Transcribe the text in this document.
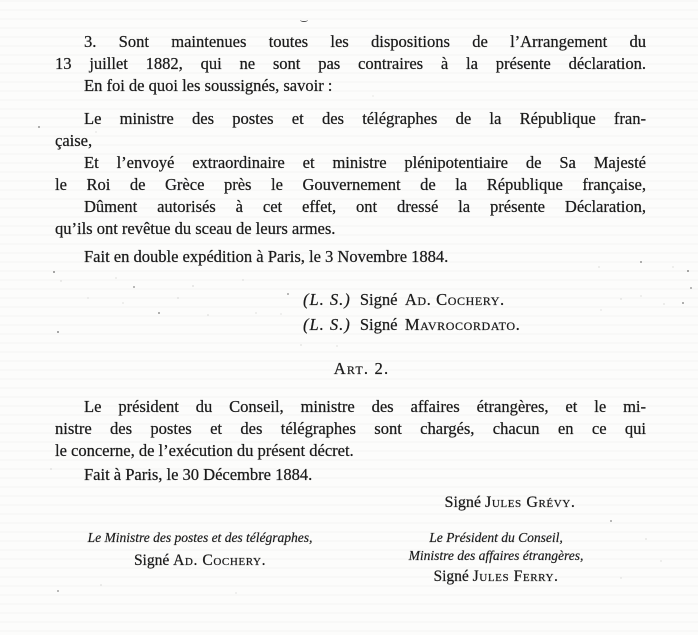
3. Sont maintenues toutes les dispositions de l’Arrangement du
13 juillet 1882, qui ne sont pas contraires à la présente déclaration.
En foi de quoi les soussignés, savoir :
Le ministre des postes et des télégraphes de la République fran-
çaise,
Et l’envoyé extraordinaire et ministre plénipotentiaire de Sa Majesté
le Roi de Grèce près le Gouvernement de la République française,
Dûment autorisés à cet effet, ont dressé la présente Déclaration,
qu’ils ont revêtue du sceau de leurs armes.
Fait en double expédition à Paris, le 3 Novembre 1884.
(L. S.) Signé Ad. Cochery.
(L. S.) Signé Mavrocordato.
Art. 2.
Le président du Conseil, ministre des affaires étrangères, et le mi-
nistre des postes et des télégraphes sont chargés, chacun en ce qui
le concerne, de l’exécution du présent décret.
Fait à Paris, le 30 Décembre 1884.
Signé Jules Grévy.
Le Ministre des postes et des télégraphes,
Signé Ad. Cochery.
Le Président du Conseil,
Ministre des affaires étrangères,
Signé Jules Ferry.
